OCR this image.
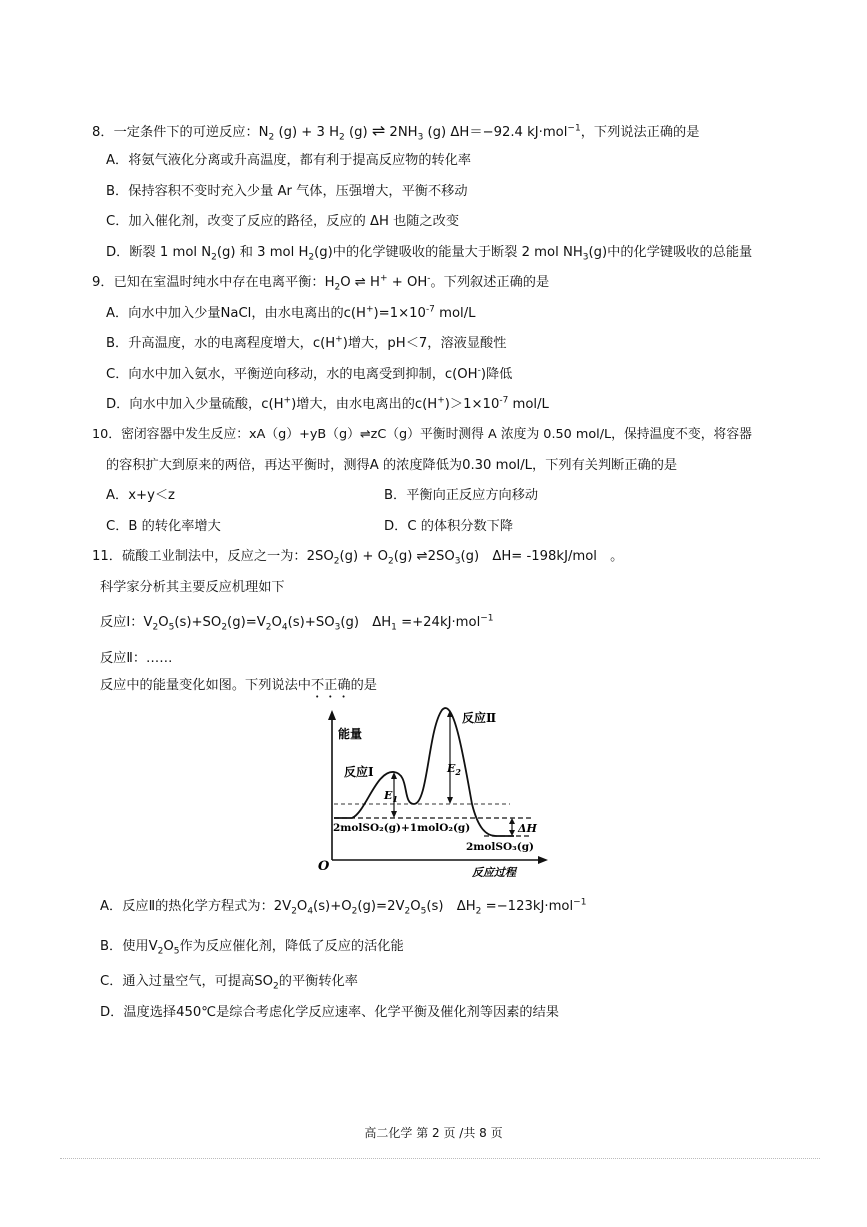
8．一定条件下的可逆反应：$N_2$ (g) + 3 $H_2$ (g) ⇌ $2NH_3$ (g) ΔH＝−92.4 kJ·mol$^{-1}$，下列说法正确的是
A．将氨气液化分离或升高温度，都有利于提高反应物的转化率
B．保持容积不变时充入少量 Ar 气体，压强增大，平衡不移动
C．加入催化剂，改变了反应的路径，反应的 ΔH 也随之改变
D．断裂 1 mol $N_2(g)$ 和 3 mol $H_2(g)$中的化学键吸收的能量大于断裂 2 mol $NH_3(g)$中的化学键吸收的总能量
9．已知在室温时纯水中存在电离平衡：$H_2O$ ⇌ H+ + OH-。下列叙述正确的是
A．向水中加入少量NaCl，由水电离出的$c(H^+)=1\times 10^{-7}$ mol/L
B．升高温度，水的电离程度增大，c(H+)增大，pH＜7，溶液显酸性
C．向水中加入氨水，平衡逆向移动，水的电离受到抑制，c(OH-)降低
D．向水中加入少量硫酸，c(H+)增大，由水电离出的$c(H^+)>1\times 10^{-7}$ mol/L
10．密闭容器中发生反应：xA（g）+yB（g）⇌zC（g）平衡时测得 A 浓度为 0.50 mol/L，保持温度不变，将容器
的容积扩大到原来的两倍，再达平衡时，测得A 的浓度降低为0.30 mol/L，下列有关判断正确的是
A．x+y＜z	B．平衡向正反应方向移动
C．B 的转化率增大	D．C 的体积分数下降
11．硫酸工业制法中，反应之一为：$2SO_2(g) + O_2(g)$ $\rightleftharpoons 2SO_3(g)$　ΔH= -198kJ/mol　。
科学家分析其主要反应机理如下
反应Ⅰ：$V_2O_5(s)+SO_2(g)=V_2O_4(s)+SO_3(g)$　$\Delta H_1 =+24kJ\cdot mol^{-1}$
反应Ⅱ：……
反应中的能量变化如图。下列说法中不正确的是
能量
O	反应过程
$E_1$
$E_2$
ΔH
反应Ⅰ
反应Ⅱ
2molSO₂(g)+1molO₂(g)
2molSO₃(g)
A．反应Ⅱ的热化学方程式为：$2V_2O_4(s)+O_2(g)=2V_2O_5(s)$　$\Delta H_2 =-123kJ\cdot mol^{-1}$
B．使用$V_2O_5$作为反应催化剂，降低了反应的活化能
C．通入过量空气，可提高$SO_2$的平衡转化率
D．温度选择450℃是综合考虑化学反应速率、化学平衡及催化剂等因素的结果
高二化学 第 2 页 /共 8 页
